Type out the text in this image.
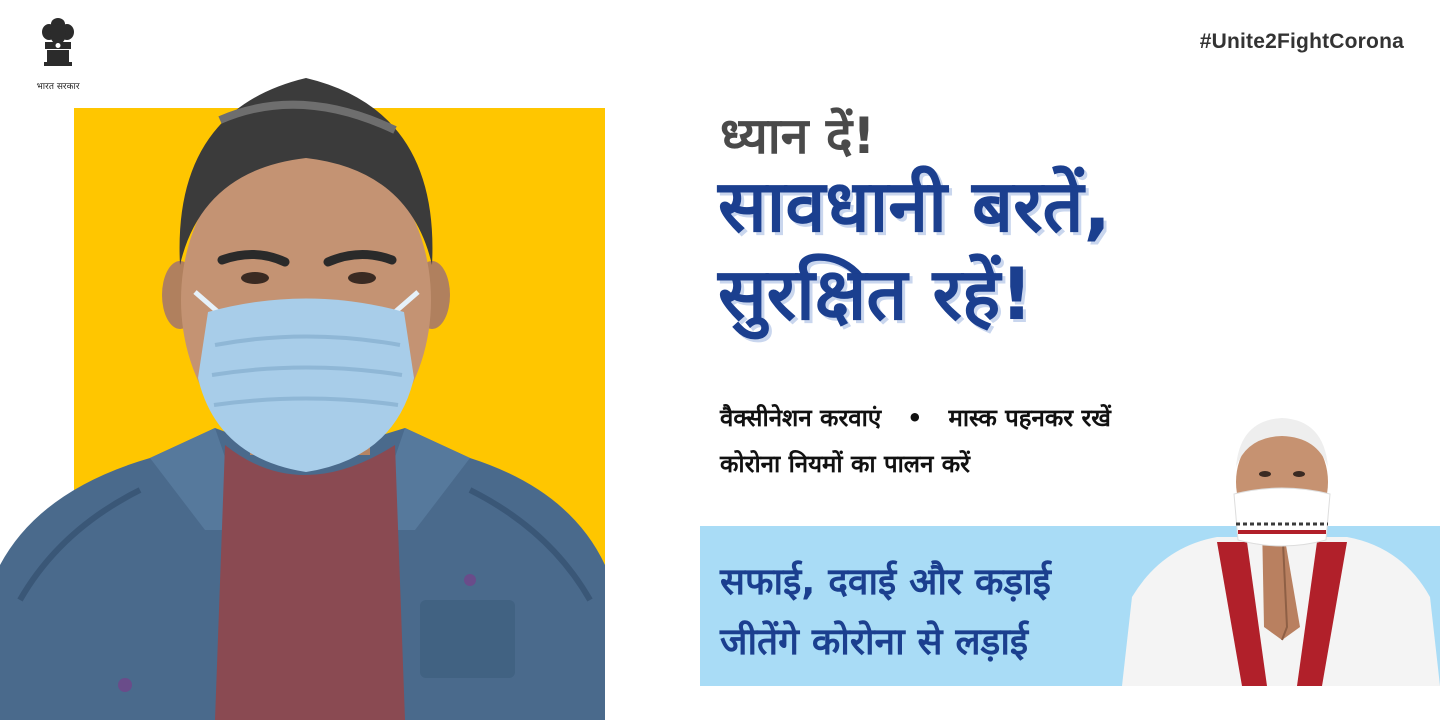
भारत सरकार
#Unite2FightCorona
ध्यान दें!
सावधानी बरतें,
सुरक्षित रहें!
वैक्सीनेशन करवाएं • मास्क पहनकर रखें
कोरोना नियमों का पालन करें
सफाई, दवाई और कड़ाई
जीतेंगे कोरोना से लड़ाई
